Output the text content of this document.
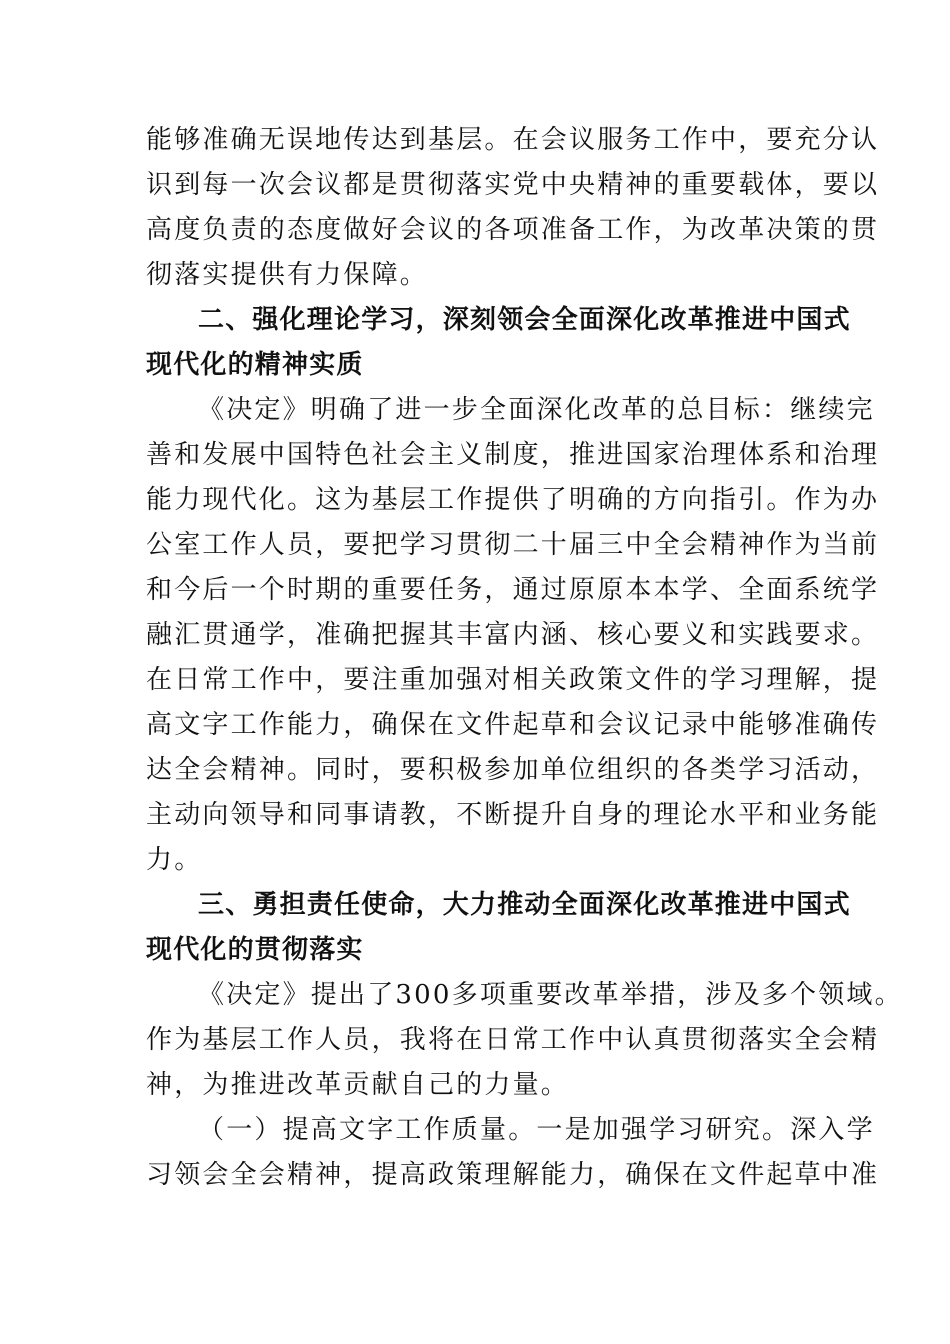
能够准确无误地传达到基层。在会议服务工作中，要充分认
识到每一次会议都是贯彻落实党中央精神的重要载体，要以
高度负责的态度做好会议的各项准备工作，为改革决策的贯
彻落实提供有力保障。
二、强化理论学习，深刻领会全面深化改革推进中国式
现代化的精神实质
《决定》明确了进一步全面深化改革的总目标：继续完
善和发展中国特色社会主义制度，推进国家治理体系和治理
能力现代化。这为基层工作提供了明确的方向指引。作为办
公室工作人员，要把学习贯彻二十届三中全会精神作为当前
和今后一个时期的重要任务，通过原原本本学、全面系统学
融汇贯通学，准确把握其丰富内涵、核心要义和实践要求。
在日常工作中，要注重加强对相关政策文件的学习理解，提
高文字工作能力，确保在文件起草和会议记录中能够准确传
达全会精神。同时，要积极参加单位组织的各类学习活动，
主动向领导和同事请教，不断提升自身的理论水平和业务能
力。
三、勇担责任使命，大力推动全面深化改革推进中国式
现代化的贯彻落实
《决定》提出了300多项重要改革举措，涉及多个领域。
作为基层工作人员，我将在日常工作中认真贯彻落实全会精
神，为推进改革贡献自己的力量。
（一）提高文字工作质量。一是加强学习研究。深入学
习领会全会精神，提高政策理解能力，确保在文件起草中准
